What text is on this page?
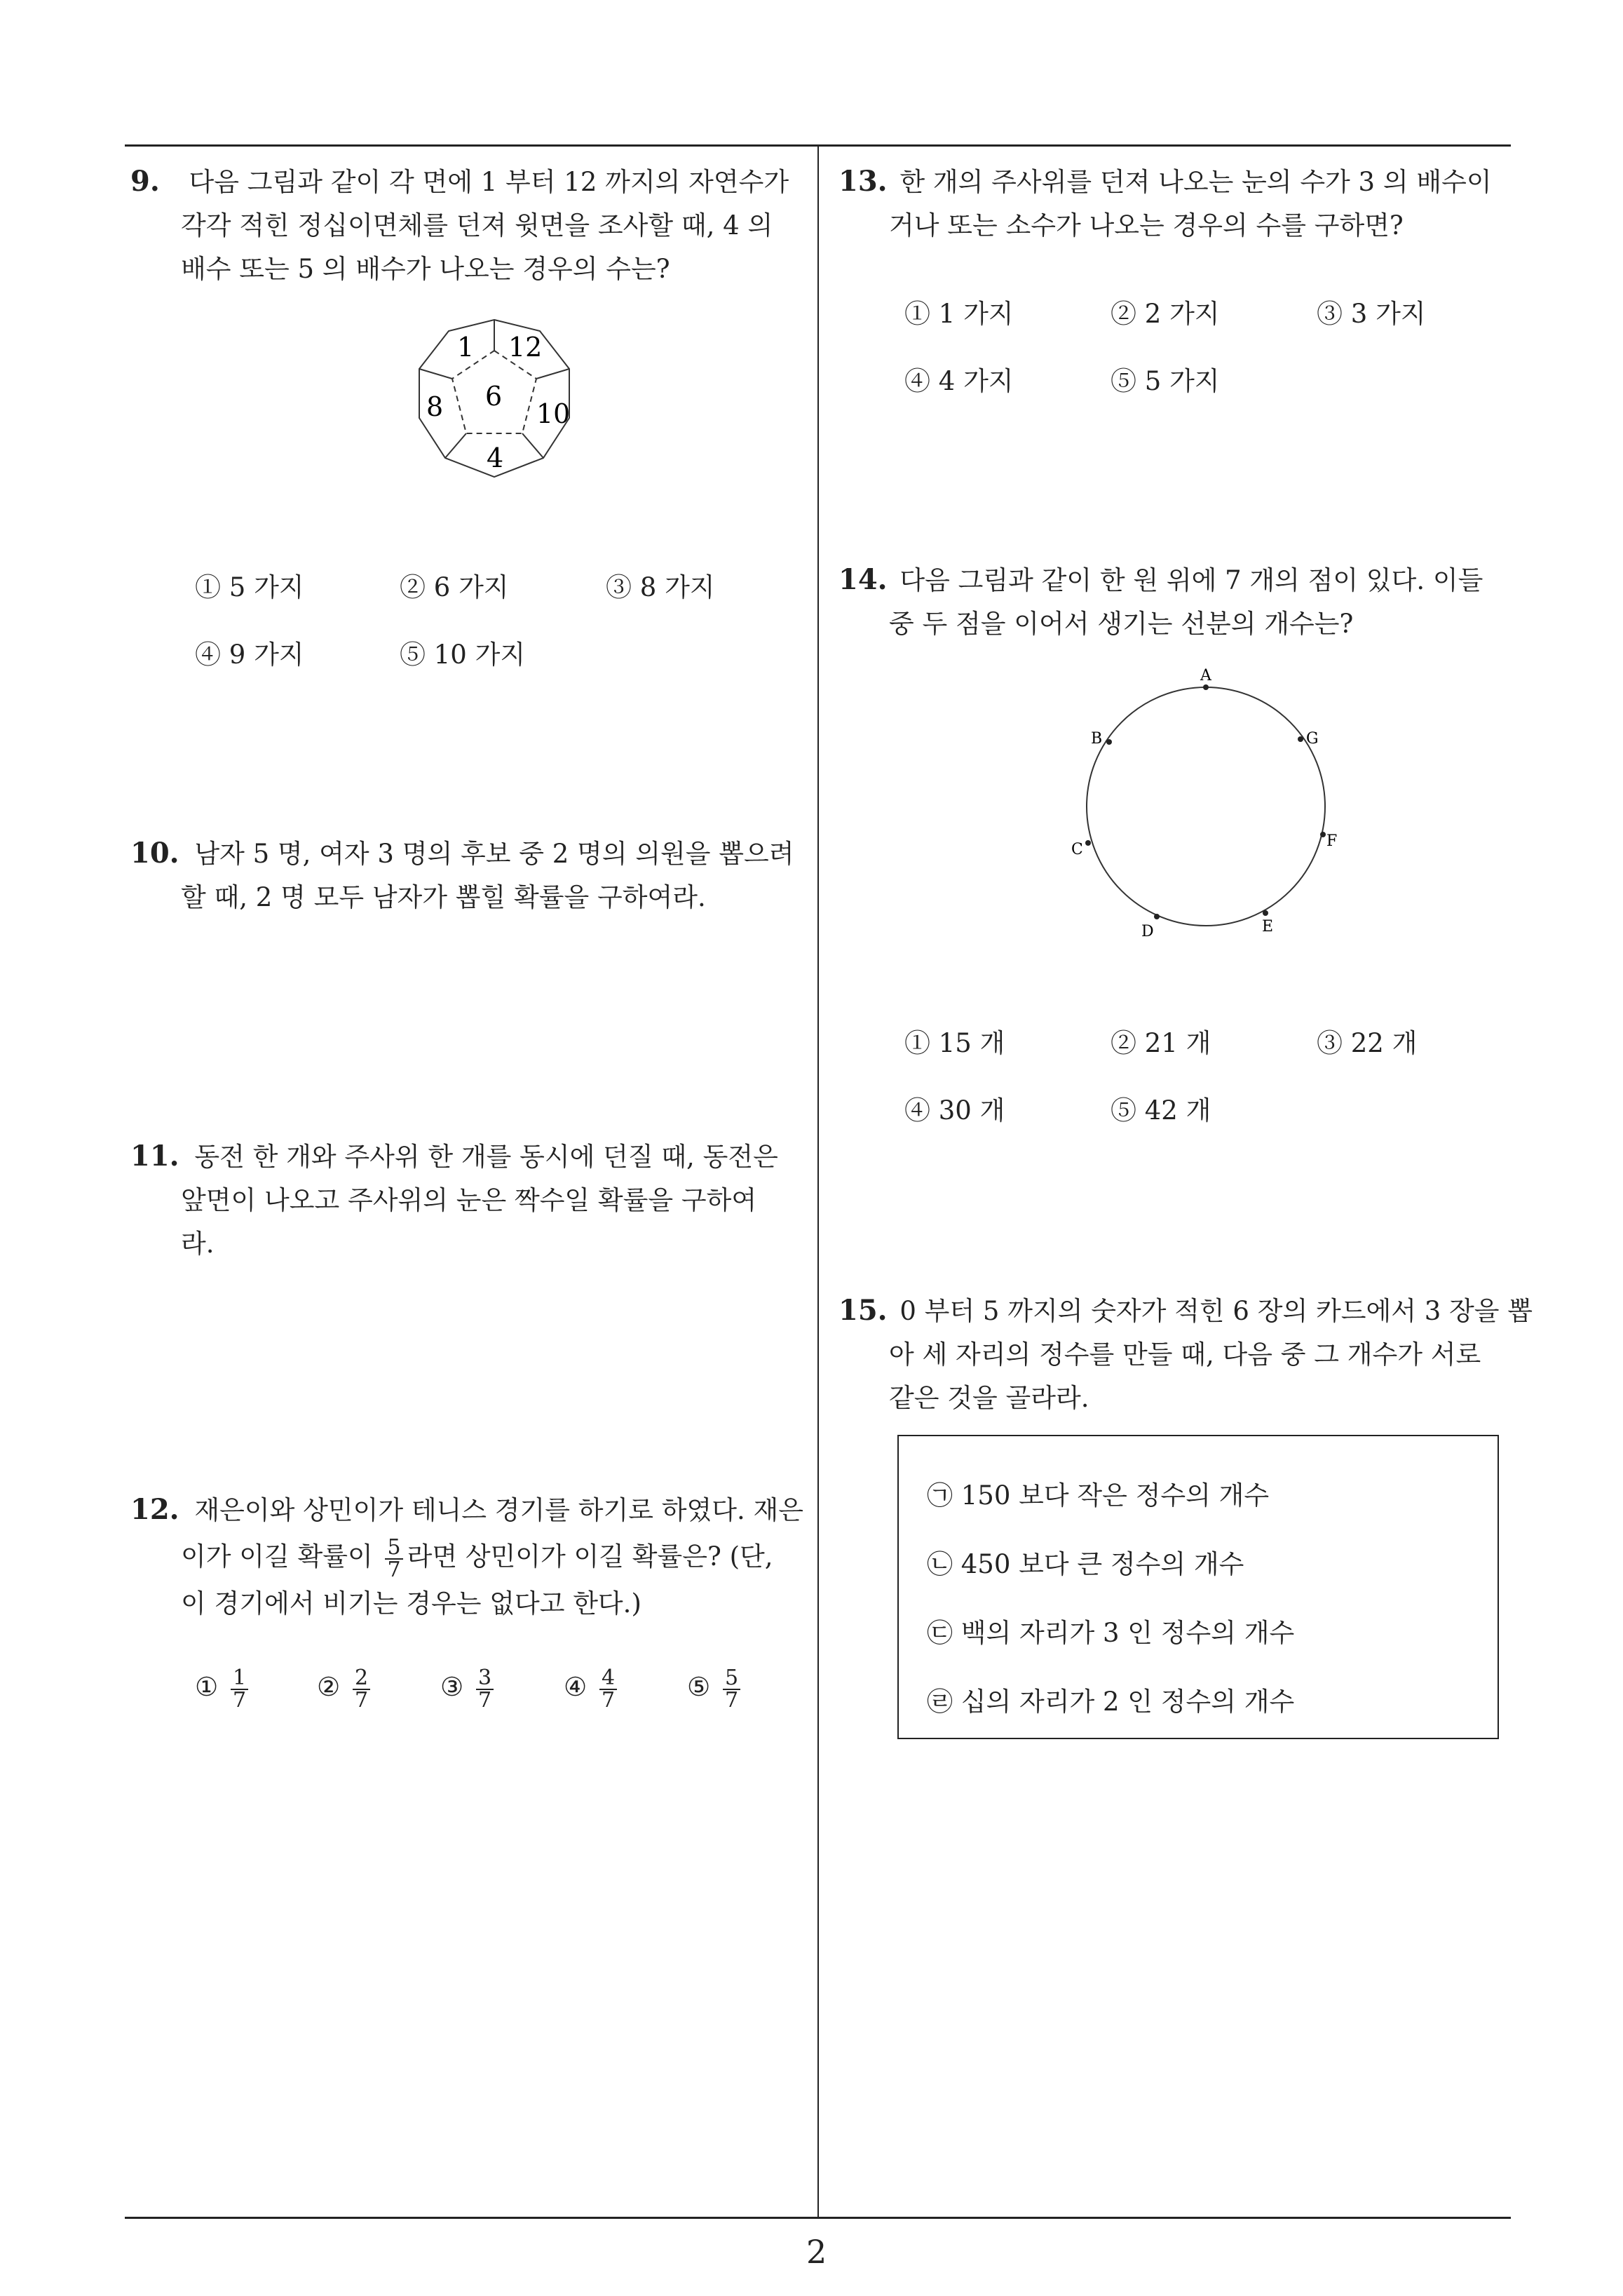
9. 다음 그림과 같이 각 면에 1 부터 12 까지의 자연수가
각각 적힌 정십이면체를 던져 윗면을 조사할 때, 4 의
배수 또는 5 의 배수가 나오는 경우의 수는?
1 12
6
8	10
4
① 5 가지	② 6 가지	③ 8 가지
④ 9 가지	⑤ 10 가지
10. 남자 5 명, 여자 3 명의 후보 중 2 명의 의원을 뽑으려
할 때, 2 명 모두 남자가 뽑힐 확률을 구하여라.
11. 동전 한 개와 주사위 한 개를 동시에 던질 때, 동전은
앞면이 나오고 주사위의 눈은 짝수일 확률을 구하여
라.
12. 재은이와 상민이가 테니스 경기를 하기로 하였다. 재은
이가 이길 확률이 $\frac{5}{7}$ 라면 상민이가 이길 확률은? (단,
이 경기에서 비기는 경우는 없다고 한다.)
① $\frac{1}{7}$	② $\frac{2}{7}$	③ $\frac{3}{7}$	④ $\frac{4}{7}$	⑤ $\frac{5}{7}$
13. 한 개의 주사위를 던져 나오는 눈의 수가 3 의 배수이
거나 또는 소수가 나오는 경우의 수를 구하면?
① 1 가지	② 2 가지	③ 3 가지
④ 4 가지	⑤ 5 가지
14. 다음 그림과 같이 한 원 위에 7 개의 점이 있다. 이들
중 두 점을 이어서 생기는 선분의 개수는?
A
B
C
D	E
F
G
① 15 개	② 21 개	③ 22 개
④ 30 개	⑤ 42 개
15. 0 부터 5 까지의 숫자가 적힌 6 장의 카드에서 3 장을 뽑
아 세 자리의 정수를 만들 때, 다음 중 그 개수가 서로
같은 것을 골라라.
㉠ 150 보다 작은 정수의 개수
㉡ 450 보다 큰 정수의 개수
㉢ 백의 자리가 3 인 정수의 개수
㉣ 십의 자리가 2 인 정수의 개수
2
